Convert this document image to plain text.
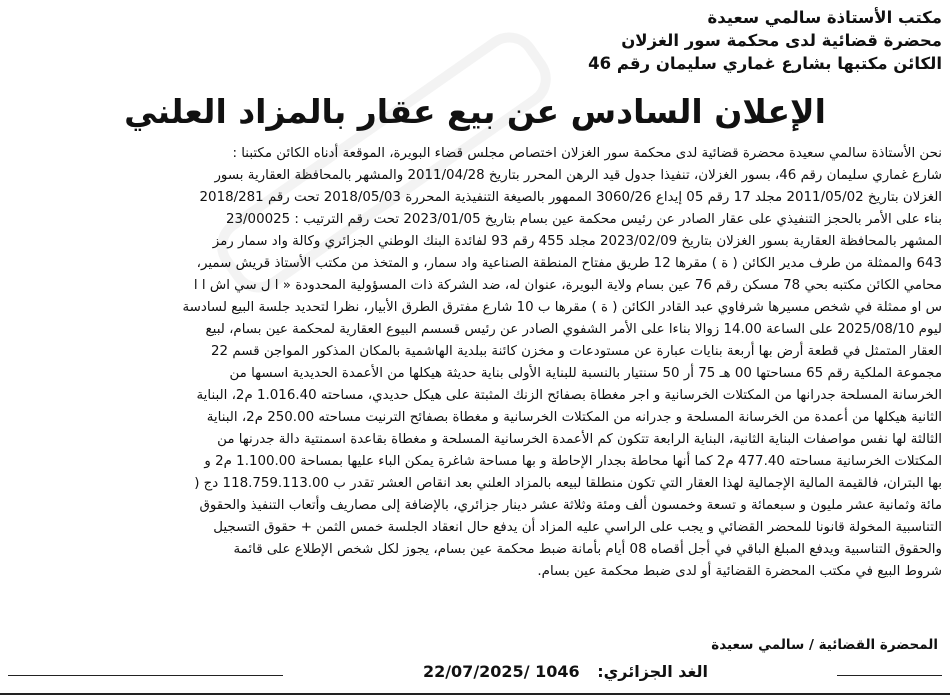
مكتب الأستاذة سالمي سعيدة
محضرة قضائية لدى محكمة سور الغزلان
الكائن مكتبها بشارع غماري سليمان رقم 46
الإعلان السادس عن بيع عقار بالمزاد العلني

نحن الأستاذة سالمي سعيدة محضرة قضائية لدى محكمة سور الغزلان اختصاص مجلس قضاء البويرة، الموقعة أدناه الكائن مكتبنا :

شارع غماري سليمان رقم 46، بسور الغزلان، تنفيذا جدول قيد الرهن المحرر بتاريخ 2011/04/28 والمشهر بالمحافظة العقارية بسور

الغزلان بتاريخ 2011/05/02 مجلد 17 رقم 05 إيداع 3060/26 الممهور بالصيغة التنفيذية المحررة 2018/05/03 تحت رقم 2018/281

بناء على الأمر بالحجز التنفيذي على عقار الصادر عن رئيس محكمة عين بسام بتاريخ 2023/01/05 تحت رقم الترتيب : 23/00025

المشهر بالمحافظة العقارية بسور الغزلان بتاريخ 2023/02/09 مجلد 455 رقم 93 لفائدة البنك الوطني الجزائري وكالة واد سمار رمز

643 والممثلة من طرف مدير الكائن ( ة ) مقرها 12 طريق مفتاح المنطقة الصناعية واد سمار، و المتخذ من مكتب الأستاذ قريش سمير،

محامي الكائن مكتبه بحي 78 مسكن رقم 76 عين بسام ولاية البويرة، عنوان له، ضد الشركة ذات المسؤولية المحدودة « ا ل سي اش ا ا

س او ممثلة في شخص مسيرها شرفاوي عبد القادر الكائن ( ة ) مقرها ب 10 شارع مفترق الطرق الأبيار، نظرا لتحديد جلسة البيع لسادسة

ليوم 2025/08/10 على الساعة 14.00 زوالا بناءا على الأمر الشفوي الصادر عن رئيس قسسم البيوع العقارية لمحكمة عين بسام، لبيع

العقار المتمثل في قطعة أرض بها أربعة بنايات عبارة عن مستودعات و مخزن كائنة ببلدية الهاشمية بالمكان المذكور المواجن قسم 22

مجموعة الملكية رقم 65 مساحتها 00 هـ 75 أر 50 سنتيار بالنسبة للبناية الأولى بناية حديثة هيكلها من الأعمدة الحديدية اسسها من

الخرسانة المسلحة جدرانها من المكتلات الخرسانية و اجر مغطاة بصفائح الزنك المثبتة على هيكل حديدي، مساحته 1.016.40 م2، البناية

الثانية هيكلها من أعمدة من الخرسانة المسلحة و جدرانه من المكتلات الخرسانية و مغطاة بصفائح الترنيت مساحته 250.00 م2، البناية

الثالثة لها نفس مواصفات البناية الثانية، البناية الرابعة تتكون كم الأعمدة الخرسانية المسلحة و مغطاة بقاعدة اسمنتية دالة جدرنها من

المكتلات الخرسانية مساحته 477.40 م2 كما أنها محاطة بجدار الإحاطة و بها مساحة شاغرة يمكن الباء عليها بمساحة 1.100.00 م2 و

بها البتران، فالقيمة المالية الإجمالية لهذا العقار التي تكون منطلقا لبيعه بالمزاد العلني بعد انقاص العشر تقدر ب 118.759.113.00 دج (

مائة وثمانية عشر مليون و سبعمائة و تسعة وخمسون ألف ومئة وثلاثة عشر دينار جزائري، بالإضافة إلى مصاريف وأتعاب التنفيذ والحقوق

التناسبية المخولة قانونا للمحضر القضائي و يجب على الراسي عليه المزاد أن يدفع حال انعقاد الجلسة خمس الثمن + حقوق التسجيل

والحقوق التناسبية ويدفع المبلغ الباقي في أجل أقصاه 08 أيام بأمانة ضبط محكمة عين بسام، يجوز لكل شخص الإطلاع على قائمة

شروط البيع في مكتب المحضرة القضائية أو لدى ضبط محكمة عين بسام.

المحضرة القضائية / سالمي سعيدة
الغد الجزائري: 22/07/2025/ 1046
